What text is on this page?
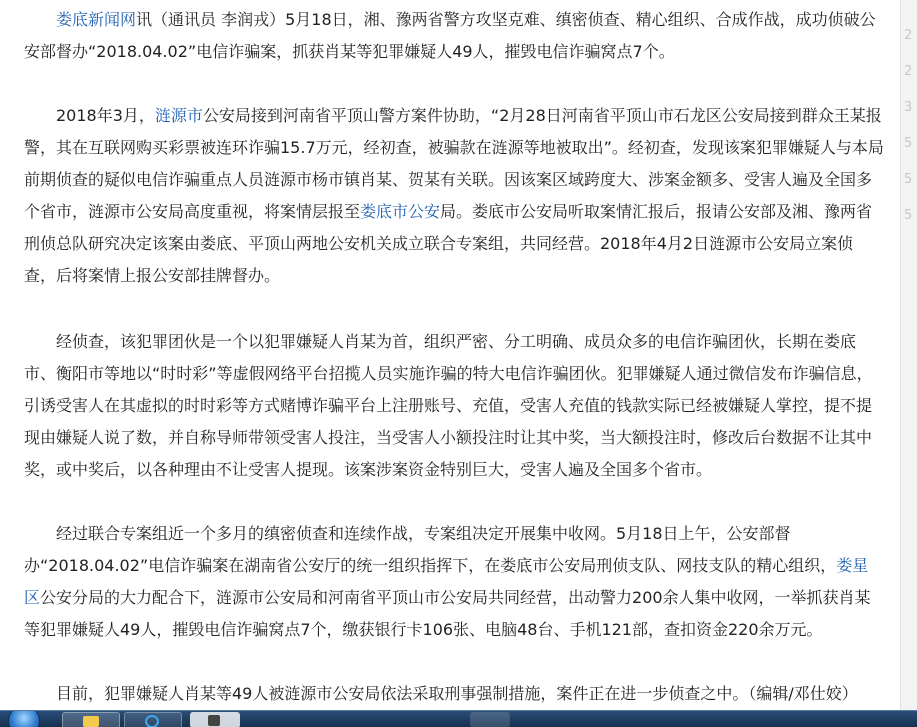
娄底新闻网讯（通讯员 李润戎）5月18日，湘、豫两省警方攻坚克难、缜密侦查、精心组织、合成作战，成功侦破公安部督办“2018.04.02”电信诈骗案，抓获肖某等犯罪嫌疑人49人，摧毁电信诈骗窝点7个。

2018年3月，涟源市公安局接到河南省平顶山警方案件协助，“2月28日河南省平顶山市石龙区公安局接到群众王某报警，其在互联网购买彩票被连环诈骗15.7万元，经初查，被骗款在涟源等地被取出”。经初查，发现该案犯罪嫌疑人与本局前期侦查的疑似电信诈骗重点人员涟源市杨市镇肖某、贺某有关联。因该案区域跨度大、涉案金额多、受害人遍及全国多个省市，涟源市公安局高度重视，将案情层报至娄底市公安局。娄底市公安局听取案情汇报后，报请公安部及湘、豫两省刑侦总队研究决定该案由娄底、平顶山两地公安机关成立联合专案组，共同经营。2018年4月2日涟源市公安局立案侦查，后将案情上报公安部挂牌督办。

经侦查，该犯罪团伙是一个以犯罪嫌疑人肖某为首，组织严密、分工明确、成员众多的电信诈骗团伙，长期在娄底市、衡阳市等地以“时时彩”等虚假网络平台招揽人员实施诈骗的特大电信诈骗团伙。犯罪嫌疑人通过微信发布诈骗信息，引诱受害人在其虚拟的时时彩等方式赌博诈骗平台上注册账号、充值，受害人充值的钱款实际已经被嫌疑人掌控，提不提现由嫌疑人说了数，并自称导师带领受害人投注，当受害人小额投注时让其中奖，当大额投注时，修改后台数据不让其中奖，或中奖后，以各种理由不让受害人提现。该案涉案资金特别巨大，受害人遍及全国多个省市。

经过联合专案组近一个多月的缜密侦查和连续作战，专案组决定开展集中收网。5月18日上午，公安部督办“2018.04.02”电信诈骗案在湖南省公安厅的统一组织指挥下，在娄底市公安局刑侦支队、网技支队的精心组织，娄星区公安分局的大力配合下，涟源市公安局和河南省平顶山市公安局共同经营，出动警力200余人集中收网，一举抓获肖某等犯罪嫌疑人49人，摧毁电信诈骗窝点7个，缴获银行卡106张、电脑48台、手机121部，查扣资金220余万元。

目前，犯罪嫌疑人肖某等49人被涟源市公安局依法采取刑事强制措施，案件正在进一步侦查之中。（编辑/邓仕姣）

2
2
3
5
5
5
